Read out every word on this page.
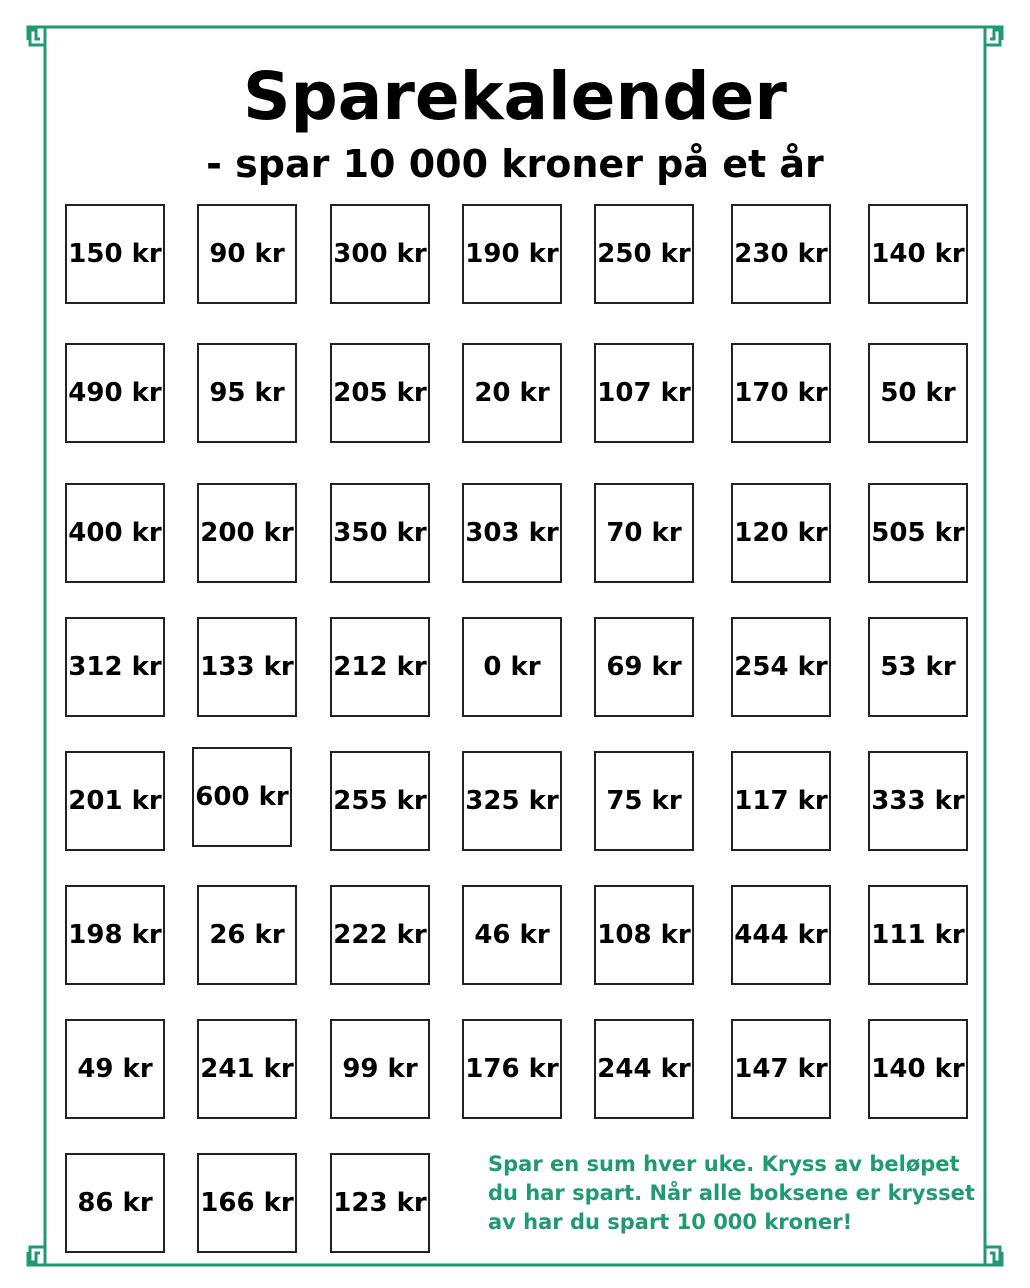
Sparekalender
- spar 10 000 kroner på et år
150 kr 90 kr 300 kr 190 kr 250 kr 230 kr 140 kr
490 kr 95 kr 205 kr 20 kr 107 kr 170 kr 50 kr
400 kr 200 kr 350 kr 303 kr 70 kr 120 kr 505 kr
312 kr 133 kr 212 kr 0 kr	69 kr 254 kr 53 kr
201 kr 600 kr 255 kr 325 kr 75 kr 117 kr 333 kr
198 kr 26 kr 222 kr 46 kr 108 kr 444 kr 111 kr
49 kr 241 kr 99 kr 176 kr 244 kr 147 kr 140 kr
86 kr 166 kr 123 kr
Spar en sum hver uke. Kryss av beløpet
du har spart. Når alle boksene er krysset
av har du spart 10 000 kroner!
